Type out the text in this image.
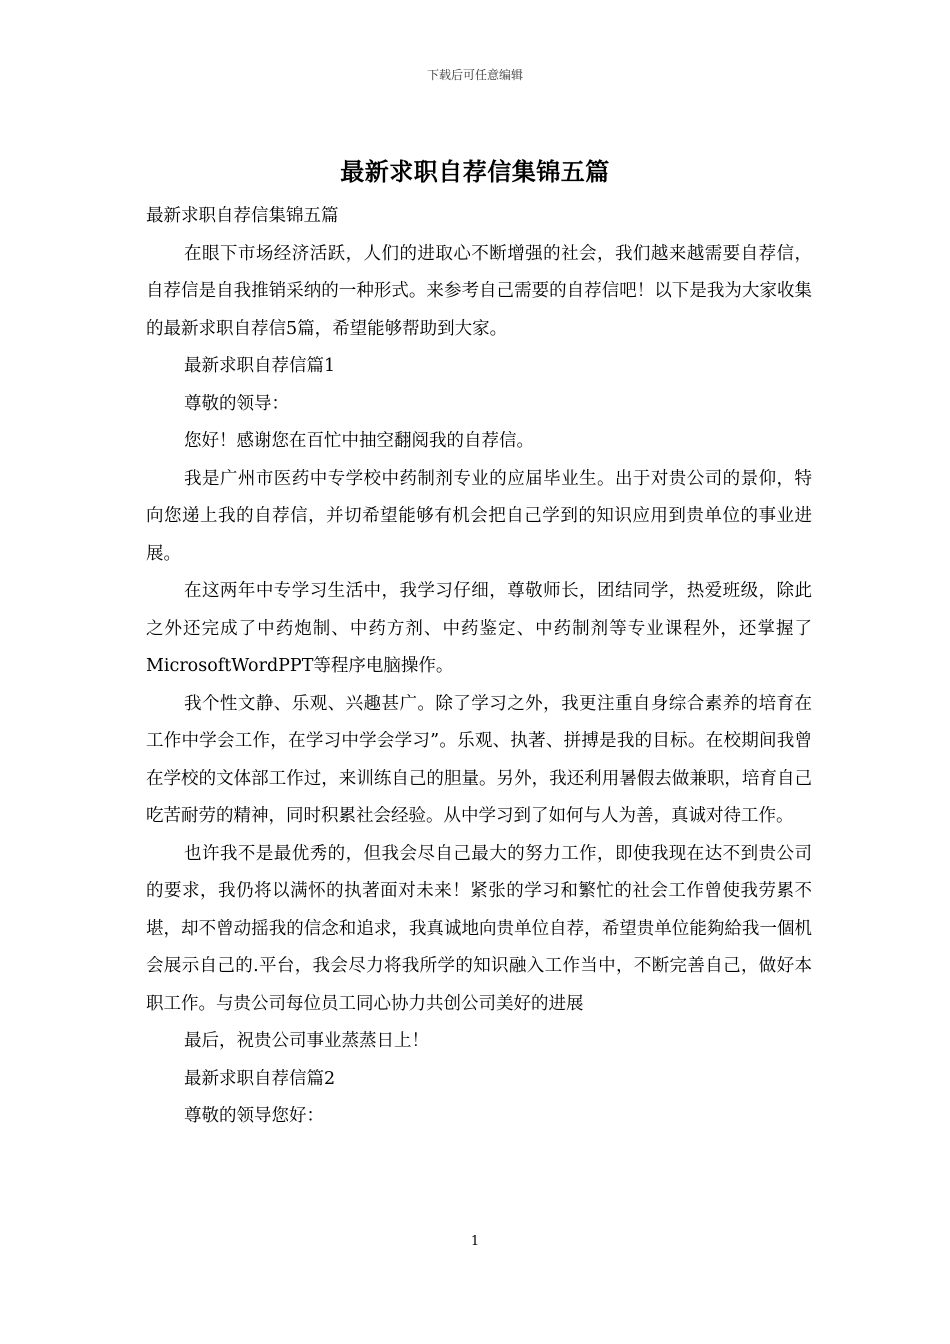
下载后可任意编辑
最新求职自荐信集锦五篇

最新求职自荐信集锦五篇

在眼下市场经济活跃，人们的进取心不断增强的社会，我们越来越需要自荐信，自荐信是自我推销采纳的一种形式。来参考自己需要的自荐信吧！以下是我为大家收集的最新求职自荐信5篇，希望能够帮助到大家。

最新求职自荐信篇1

尊敬的领导：

您好！感谢您在百忙中抽空翻阅我的自荐信。

我是广州市医药中专学校中药制剂专业的应届毕业生。出于对贵公司的景仰，特向您递上我的自荐信，并切希望能够有机会把自己学到的知识应用到贵单位的事业进展。

在这两年中专学习生活中，我学习仔细，尊敬师长，团结同学，热爱班级，除此之外还完成了中药炮制、中药方剂、中药鉴定、中药制剂等专业课程外，还掌握了MicrosoftWordPPT等程序电脑操作。

我个性文静、乐观、兴趣甚广。除了学习之外，我更注重自身综合素养的培育在工作中学会工作，在学习中学会学习”。乐观、执著、拼搏是我的目标。在校期间我曾在学校的文体部工作过，来训练自己的胆量。另外，我还利用暑假去做兼职，培育自己吃苦耐劳的精神，同时积累社会经验。从中学习到了如何与人为善，真诚对待工作。

也许我不是最优秀的，但我会尽自己最大的努力工作，即使我现在达不到贵公司的要求，我仍将以满怀的执著面对未来！紧张的学习和繁忙的社会工作曾使我劳累不堪，却不曾动摇我的信念和追求，我真诚地向贵单位自荐，希望贵单位能夠給我一個机会展示自己的.平台，我会尽力将我所学的知识融入工作当中，不断完善自己，做好本职工作。与贵公司每位员工同心协力共创公司美好的进展

最后，祝贵公司事业蒸蒸日上！

最新求职自荐信篇2

尊敬的领导您好：

1
